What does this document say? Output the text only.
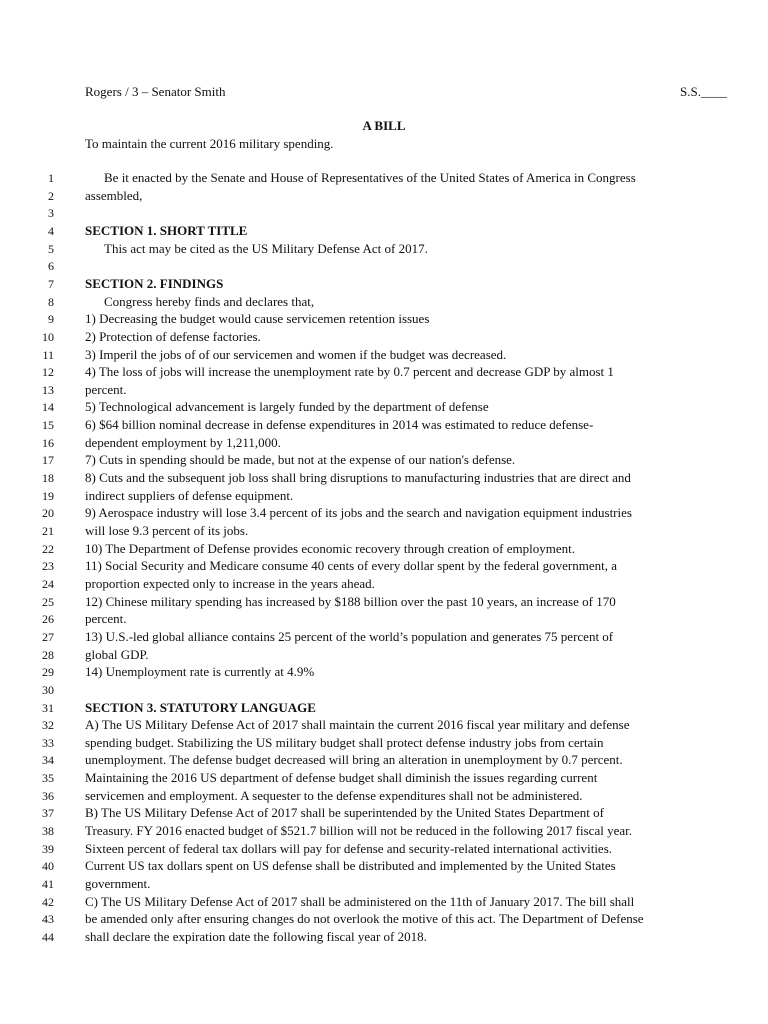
Rogers / 3 – Senator Smith	S.S.____
A BILL
To maintain the current 2016 military spending.
1	Be it enacted by the Senate and House of Representatives of the United States of America in Congress
2 assembled,
3
4 SECTION 1. SHORT TITLE
5	This act may be cited as the US Military Defense Act of 2017.
6
7 SECTION 2. FINDINGS
8	Congress hereby finds and declares that,
9 1) Decreasing the budget would cause servicemen retention issues
10 2) Protection of defense factories.
11 3) Imperil the jobs of of our servicemen and women if the budget was decreased.
12 4) The loss of jobs will increase the unemployment rate by 0.7 percent and decrease GDP by almost 1
13 percent.
14 5) Technological advancement is largely funded by the department of defense
15 6) $64 billion nominal decrease in defense expenditures in 2014 was estimated to reduce defense-
16 dependent employment by 1,211,000.
17 7) Cuts in spending should be made, but not at the expense of our nation's defense.
18 8) Cuts and the subsequent job loss shall bring disruptions to manufacturing industries that are direct and
19 indirect suppliers of defense equipment.
20 9) Aerospace industry will lose 3.4 percent of its jobs and the search and navigation equipment industries
21 will lose 9.3 percent of its jobs.
22 10) The Department of Defense provides economic recovery through creation of employment.
23 11) Social Security and Medicare consume 40 cents of every dollar spent by the federal government, a
24 proportion expected only to increase in the years ahead.
25 12) Chinese military spending has increased by $188 billion over the past 10 years, an increase of 170
26 percent.
27 13) U.S.-led global alliance contains 25 percent of the world’s population and generates 75 percent of
28 global GDP.
29 14) Unemployment rate is currently at 4.9%
30
31 SECTION 3. STATUTORY LANGUAGE
32 A) The US Military Defense Act of 2017 shall maintain the current 2016 fiscal year military and defense
33 spending budget. Stabilizing the US military budget shall protect defense industry jobs from certain
34 unemployment. The defense budget decreased will bring an alteration in unemployment by 0.7 percent.
35 Maintaining the 2016 US department of defense budget shall diminish the issues regarding current
36 servicemen and employment. A sequester to the defense expenditures shall not be administered.
37 B) The US Military Defense Act of 2017 shall be superintended by the United States Department of
38 Treasury. FY 2016 enacted budget of $521.7 billion will not be reduced in the following 2017 fiscal year.
39 Sixteen percent of federal tax dollars will pay for defense and security-related international activities.
40 Current US tax dollars spent on US defense shall be distributed and implemented by the United States
41 government.
42 C) The US Military Defense Act of 2017 shall be administered on the 11th of January 2017. The bill shall
43 be amended only after ensuring changes do not overlook the motive of this act. The Department of Defense
44 shall declare the expiration date the following fiscal year of 2018.
